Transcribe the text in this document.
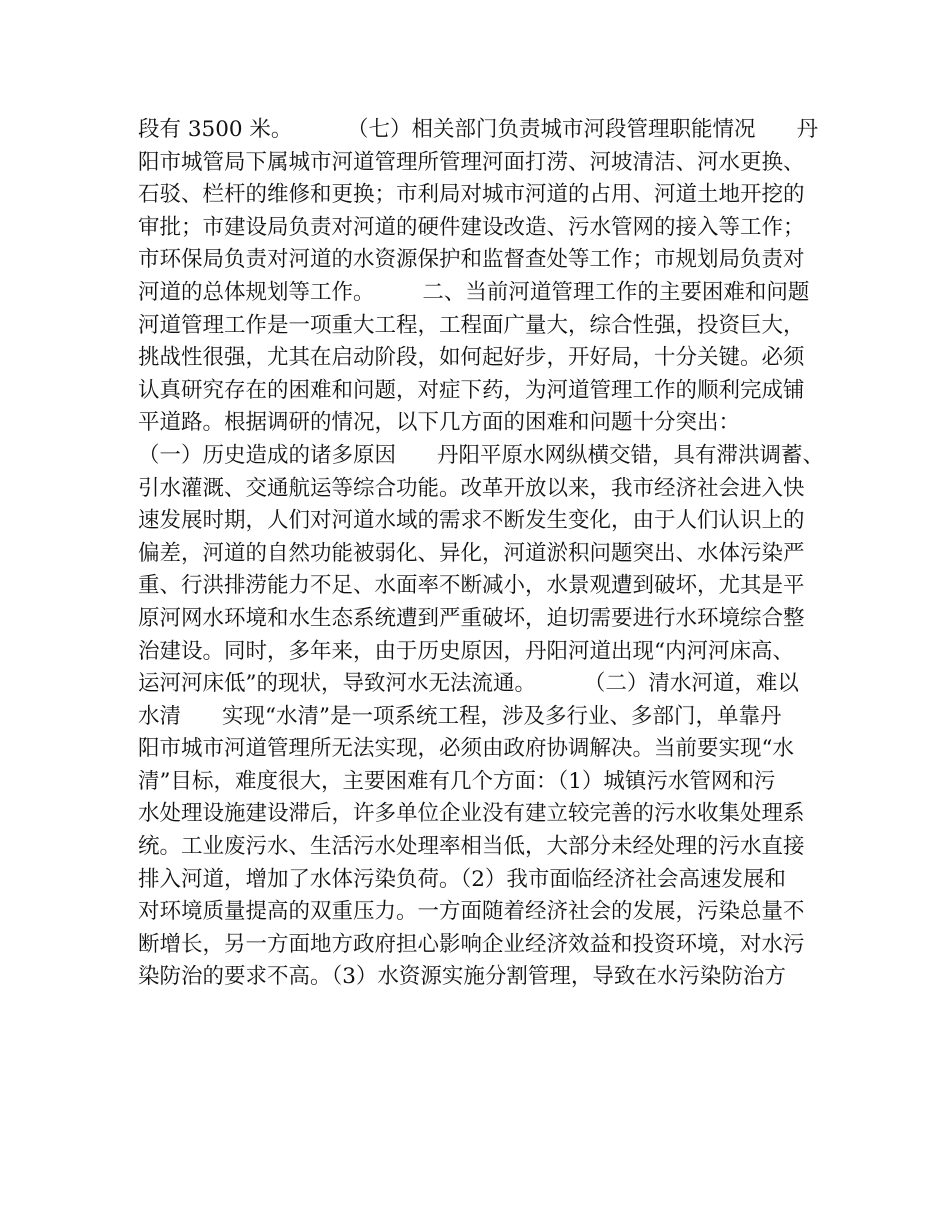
段有 3500 米。        （七）相关部门负责城市河段管理职能情况      丹
阳市城管局下属城市河道管理所管理河面打涝、河坡清洁、河水更换、
石驳、栏杆的维修和更换；市利局对城市河道的占用、河道土地开挖的
审批；市建设局负责对河道的硬件建设改造、污水管网的接入等工作；
市环保局负责对河道的水资源保护和监督查处等工作；市规划局负责对
河道的总体规划等工作。       二、当前河道管理工作的主要困难和问题
河道管理工作是一项重大工程，工程面广量大，综合性强，投资巨大，
挑战性很强，尤其在启动阶段，如何起好步，开好局，十分关键。必须
认真研究存在的困难和问题，对症下药，为河道管理工作的顺利完成铺
平道路。根据调研的情况，以下几方面的困难和问题十分突出：
（一）历史造成的诸多原因      丹阳平原水网纵横交错，具有滞洪调蓄、
引水灌溉、交通航运等综合功能。改革开放以来，我市经济社会进入快
速发展时期，人们对河道水域的需求不断发生变化，由于人们认识上的
偏差，河道的自然功能被弱化、异化，河道淤积问题突出、水体污染严
重、行洪排涝能力不足、水面率不断减小，水景观遭到破坏，尤其是平
原河网水环境和水生态系统遭到严重破坏，迫切需要进行水环境综合整
治建设。同时，多年来，由于历史原因，丹阳河道出现“内河河床高、
运河河床低”的现状，导致河水无法流通。       （二）清水河道，难以
水清      实现“水清”是一项系统工程，涉及多行业、多部门，单靠丹
阳市城市河道管理所无法实现，必须由政府协调解决。当前要实现“水
清”目标，难度很大，主要困难有几个方面：（1）城镇污水管网和污
水处理设施建设滞后，许多单位企业没有建立较完善的污水收集处理系
统。工业废污水、生活污水处理率相当低，大部分未经处理的污水直接
排入河道，增加了水体污染负荷。（2）我市面临经济社会高速发展和
对环境质量提高的双重压力。一方面随着经济社会的发展，污染总量不
断增长，另一方面地方政府担心影响企业经济效益和投资环境，对水污
染防治的要求不高。（3）水资源实施分割管理，导致在水污染防治方
